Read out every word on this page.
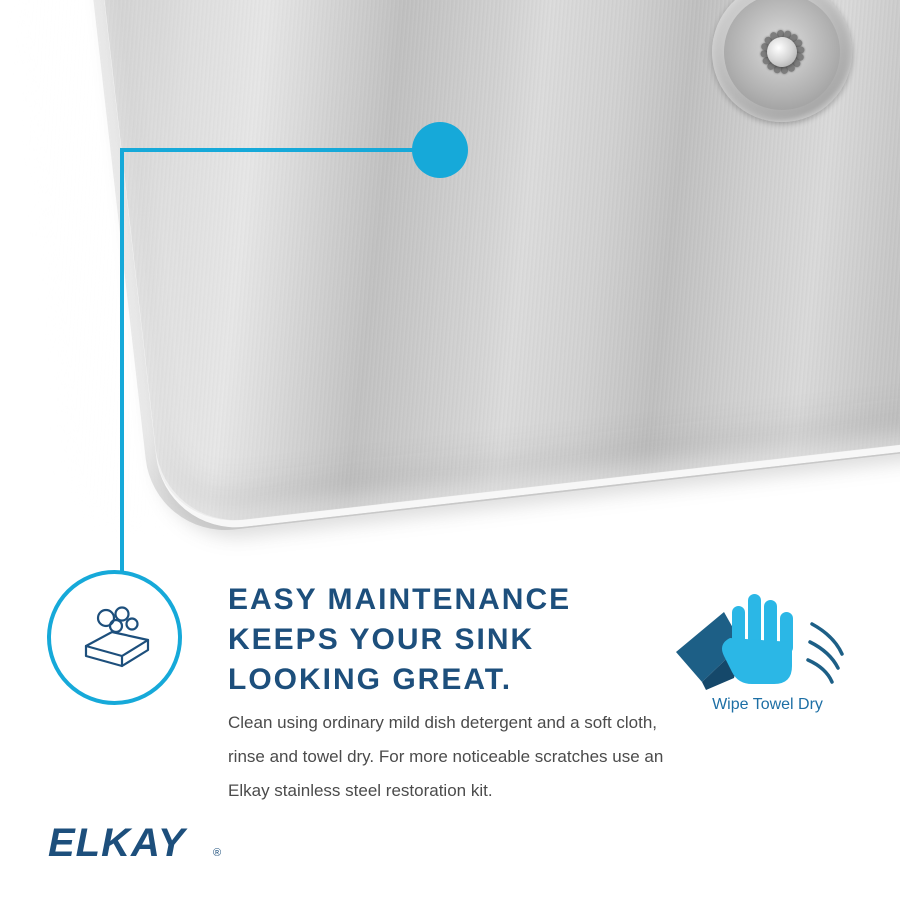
EASY MAINTENANCE
KEEPS YOUR SINK
LOOKING GREAT.
Clean using ordinary mild dish detergent and a soft cloth, rinse and towel dry. For more noticeable scratches use an Elkay stainless steel restoration kit.
Wipe Towel Dry
ELKAY ®
